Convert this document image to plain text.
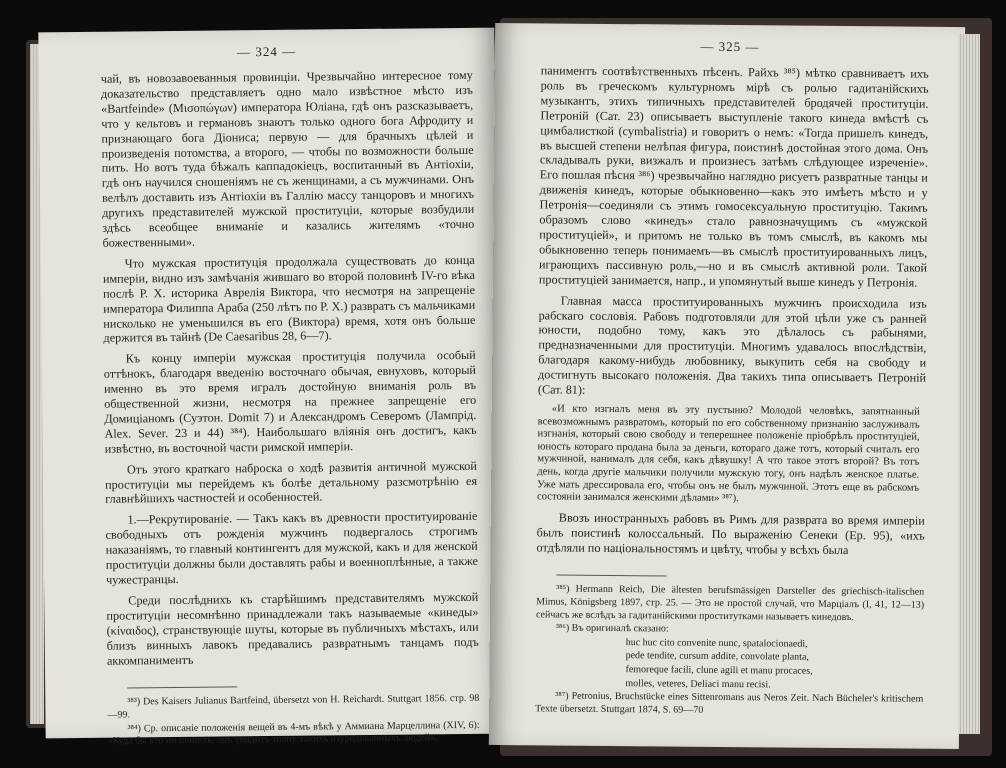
— 324 —

чай, въ новозавоеванныя провинціи. Чрезвычайно интересное тому доказательство представляетъ одно мало извѣстное мѣсто изъ «Bartfeinde» (Μισοπώγων) императора Юліана, гдѣ онъ разсказываетъ, что у кельтовъ и германовъ знаютъ только одного бога Афродиту и признающаго бога Діониса; первую — для брачныхъ цѣлей и произведенія потомства, а второго, — чтобы по возможности больше пить. Но вотъ туда бѣжалъ каппадокіецъ, воспитанный въ Антіохіи, гдѣ онъ научился сношеніямъ не съ женщинами, а съ мужчинами. Онъ велѣлъ доставить изъ Антіохіи въ Галлію массу танцоровъ и многихъ другихъ представителей мужской проституціи, которые возбудили здѣсь всеобщее вниманіе и казались жителямъ «точно божественными».

Что мужская проституція продолжала существовать до конца имперіи, видно изъ замѣчанія жившаго во второй половинѣ IV-го вѣка послѣ Р. Х. историка Аврелія Виктора, что несмотря на запрещеніе императора Филиппа Араба (250 лѣтъ по Р. Х.) развратъ съ мальчиками нисколько не уменьшился въ его (Виктора) время, хотя онъ больше держится въ тайнѣ (De Caesaribus 28, 6—7).

Къ концу имперіи мужская проституція получила особый оттѣнокъ, благодаря введенію восточнаго обычая, евнуховъ, который именно въ это время игралъ достойную вниманія роль въ общественной жизни, несмотря на прежнее запрещеніе его Домиціаномъ (Суэтон. Domit 7) и Александромъ Северомъ (Лампрід. Alex. Sever. 23 и 44) ³⁸⁴). Наибольшаго вліянія онъ достигъ, какъ извѣстно, въ восточной части римской имперіи.

Отъ этого краткаго наброска о ходѣ развитія античной мужской проституціи мы перейдемъ къ болѣе детальному разсмотрѣнію ея главнѣйшихъ частностей и особенностей.

1.—Рекрутированіе. — Такъ какъ въ древности проституированіе свободныхъ отъ рожденія мужчинъ подвергалось строгимъ наказаніямъ, то главный контингентъ для мужской, какъ и для женской проституціи должны были доставлять рабы и военноплѣнные, а также чужестранцы.

Среди послѣднихъ къ старѣйшимъ представителямъ мужской проституціи несомнѣнно принадлежали такъ называемые «кинеды» (κίναιδος), странствующіе шуты, которые въ публичныхъ мѣстахъ, или близъ винныхъ лавокъ предавались развратнымъ танцамъ подъ аккомпаниментъ

³⁸³) Des Kaisers Julianus Bartfeind, übersetzt von H. Reichardt. Stuttgart 1856. стр. 98—99.

³⁸⁴) Ср. описаніе положенія вещей въ 4-мъ вѣкѣ у Аммиана Марцеллина (XIV, 6): «Куда бы кто ни пошелъ, онъ увидитъ толпу такихъ изуродованныхъ людей».

— 325 —

паниментъ соотвѣтственныхъ пѣсенъ. Райхъ ³⁸⁵) мѣтко сравниваетъ ихъ роль въ греческомъ культурномъ мірѣ съ ролью гадитанійскихъ музыкантъ, этихъ типичныхъ представителей бродячей проституціи. Петроній (Сат. 23) описываетъ выступленіе такого кинеда вмѣстѣ съ цимбалисткой (cymbalistria) и говоритъ о немъ: «Тогда пришелъ кинедъ, въ высшей степени нелѣпая фигура, поистинѣ достойная этого дома. Онъ складывалъ руки, визжалъ и произнесъ затѣмъ слѣдующее изреченіе». Его пошлая пѣсня ³⁸⁶) чрезвычайно наглядно рисуетъ развратные танцы и движенія кинедъ, которые обыкновенно—какъ это имѣетъ мѣсто и у Петронія—соединяли съ этимъ гомосексуальную проституцію. Такимъ образомъ слово «кинедъ» стало равнозначущимъ съ «мужской проституціей», и притомъ не только въ томъ смыслѣ, въ какомъ мы обыкновенно теперь понимаемъ—въ смыслѣ проституированныхъ лицъ, играющихъ пассивную роль,—но и въ смыслѣ активной роли. Такой проституціей занимается, напр., и упомянутый выше кинедъ у Петронія.

Главная масса проституированныхъ мужчинъ происходила изъ рабскаго сословія. Рабовъ подготовляли для этой цѣли уже съ ранней юности, подобно тому, какъ это дѣлалось съ рабынями, предназначенными для проституціи. Многимъ удавалось впослѣдствіи, благодаря какому-нибудь любовнику, выкупить себя на свободу и достигнуть высокаго положенія. Два такихъ типа описываетъ Петроній (Сат. 81):

«И кто изгналъ меня въ эту пустыню? Молодой человѣкъ, запятнанный всевозможнымъ развратомъ, который по его собственному признанію заслуживалъ изгнанія, который свою свободу и теперешнее положеніе пріобрѣлъ проституціей, юность котораго продана была за деньги, котораго даже тотъ, который считалъ его мужчиной, нанималъ для себя, какъ дѣвушку! А что такое этотъ второй? Въ тотъ день, когда другіе мальчики получили мужскую тогу, онъ надѣлъ женское платье. Уже мать дрессировала его, чтобы онъ не былъ мужчиной. Этотъ еще въ рабскомъ состояніи занимался женскими дѣлами» ³⁸⁷).

Ввозъ иностранныхъ рабовъ въ Римъ для разврата во время имперіи былъ поистинѣ колоссальный. По выраженію Сенеки (Ер. 95), «ихъ отдѣляли по національностямъ и цвѣту, чтобы у всѣхъ была

³⁸⁵) Hermann Reich, Die ältesten berufsmässigen Darsteller des griechisch-italischen Mimus, Königsberg 1897, стр. 25. — Это не простой случай, что Марціалъ (I, 41, 12—13) сейчасъ же вслѣдъ за гадитанійскими проститутками называетъ кинедовъ.

³⁸⁶) Въ оригиналѣ сказано:

huc huc cito convenite nunc, spatalocionaedi,

pede tendite, cursum addite, convolate planta,

femoreque facili, clune agili et manu procaces,

molles, veteres, Deliaci manu recisi.

³⁸⁷) Petronius, Bruchstücke eines Sittenromans aus Neros Zeit. Nach Bücheler's kritischem Texte übersetzt. Stuttgart 1874, S. 69—70
